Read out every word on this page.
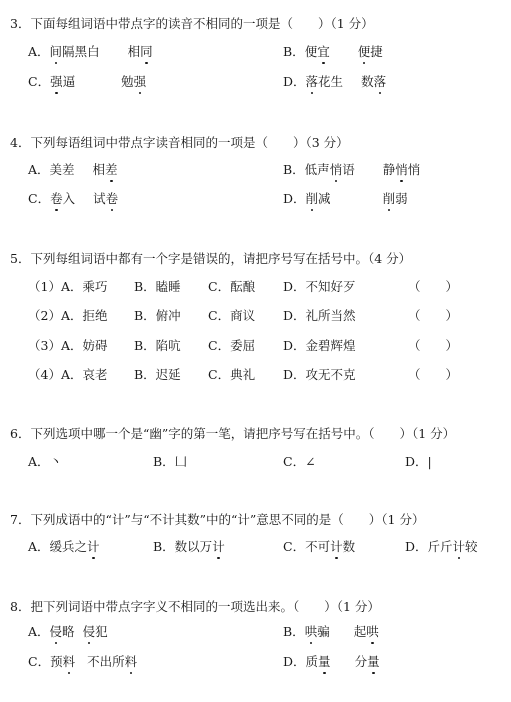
3．下面每组词语中带点字的读音不相同的一项是（　　）（1 分）
A．间隔黑白 相同	B．便宜 便捷
C．强逼	勉强	D．落花生 数落
4．下列每语组词中带点字读音相同的一项是（　　）（3 分）
A．美差 相差	B．低声悄语 静悄悄
C．卷入 试卷	D．削减	削弱
5．下列每组词语中都有一个字是错误的，请把序号写在括号中。（4 分）
（1）A．乘巧 B．瞌睡 C．酝酿 D．不知好歹	（　　）
（2）A．拒绝 B．俯冲 C．商议 D．礼所当然	（　　）
（3）A．妨碍 B．陷吭 C．委屈 D．金碧辉煌	（　　）
（4）A．哀老 B．迟延 C．典礼 D．攻无不克	（　　）
6．下列选项中哪一个是“幽”字的第一笔，请把序号写在括号中。（　　）（1 分）
A．丶	B．凵	C．∠	D．|
7．下列成语中的“计”与“不计其数”中的“计”意思不同的是（　　）（1 分）
A．缓兵之计	B．数以万计	C．不可计数	D．斤斤计较
8．把下列词语中带点字字义不相同的一项选出来。（　　）（1 分）
A．侵略 侵犯	B．哄骗 起哄
C．预料 不出所料	D．质量 分量
